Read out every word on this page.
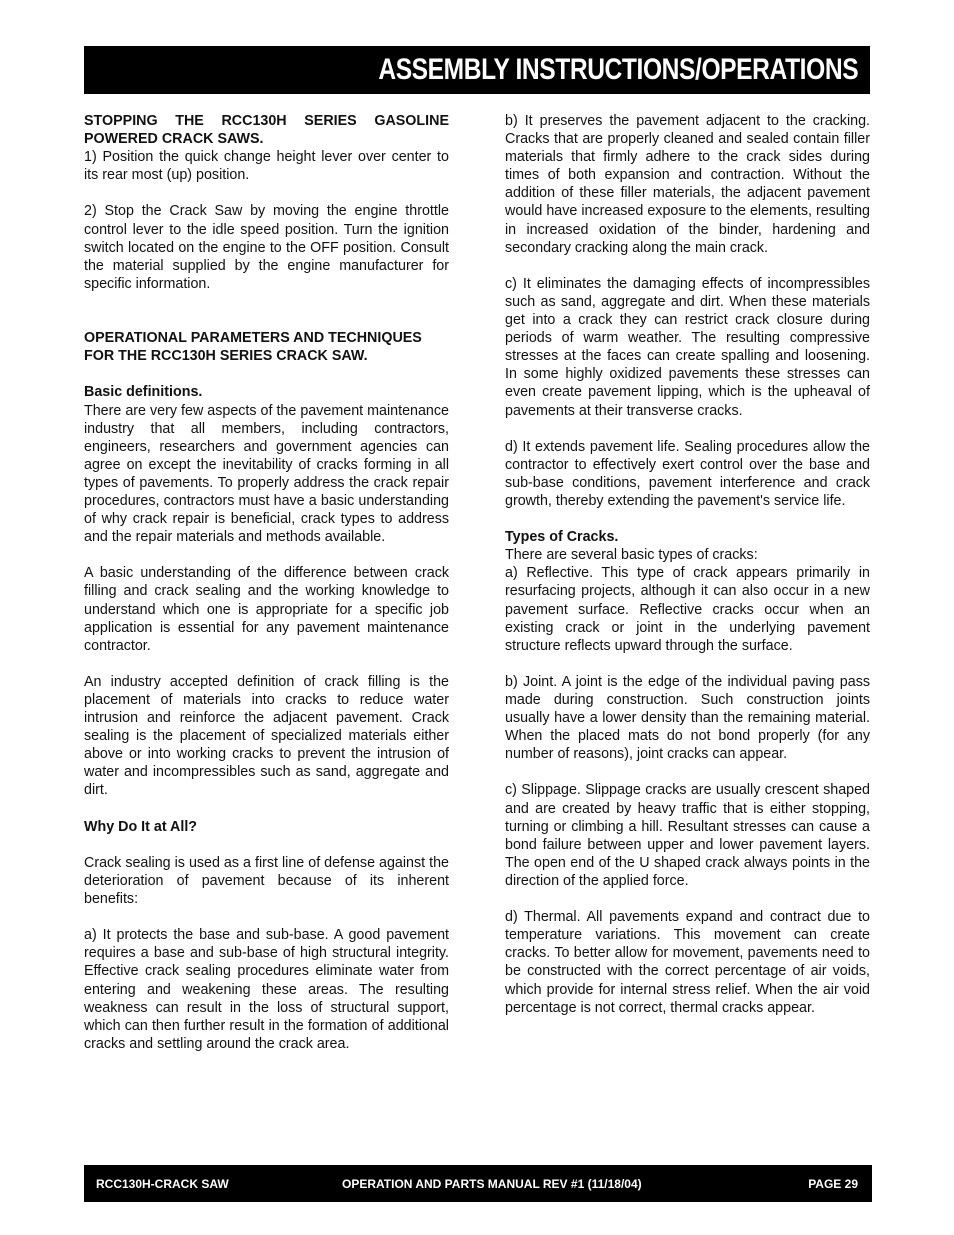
ASSEMBLY INSTRUCTIONS/OPERATIONS

STOPPING THE RCC130H SERIES GASOLINE POWERED CRACK SAWS.

1) Position the quick change height lever over center to its rear most (up) position.

2) Stop the Crack Saw by moving the engine throttle control lever to the idle speed position. Turn the ignition switch located on the engine to the OFF position. Consult the material supplied by the engine manufacturer for specific information.

OPERATIONAL PARAMETERS AND TECHNIQUES FOR THE RCC130H SERIES CRACK SAW.

Basic definitions.

There are very few aspects of the pavement maintenance industry that all members, including contractors, engineers, researchers and government agencies can agree on except the inevitability of cracks forming in all types of pavements. To properly address the crack repair procedures, contractors must have a basic understanding of why crack repair is beneficial, crack types to address and the repair materials and methods available.

A basic understanding of the difference between crack filling and crack sealing and the working knowledge to understand which one is appropriate for a specific job application is essential for any pavement maintenance contractor.

An industry accepted definition of crack filling is the placement of materials into cracks to reduce water intrusion and reinforce the adjacent pavement. Crack sealing is the placement of specialized materials either above or into working cracks to prevent the intrusion of water and incompressibles such as sand, aggregate and dirt.

Why Do It at All?

Crack sealing is used as a first line of defense against the deterioration of pavement because of its inherent benefits:

a) It protects the base and sub-base. A good pavement requires a base and sub-base of high structural integrity. Effective crack sealing procedures eliminate water from entering and weakening these areas. The resulting weakness can result in the loss of structural support, which can then further result in the formation of additional cracks and settling around the crack area.

b) It preserves the pavement adjacent to the cracking. Cracks that are properly cleaned and sealed contain filler materials that firmly adhere to the crack sides during times of both expansion and contraction. Without the addition of these filler materials, the adjacent pavement would have increased exposure to the elements, resulting in increased oxidation of the binder, hardening and secondary cracking along the main crack.

c) It eliminates the damaging effects of incompressibles such as sand, aggregate and dirt. When these materials get into a crack they can restrict crack closure during periods of warm weather. The resulting compressive stresses at the faces can create spalling and loosening. In some highly oxidized pavements these stresses can even create pavement lipping, which is the upheaval of pavements at their transverse cracks.

d) It extends pavement life. Sealing procedures allow the contractor to effectively exert control over the base and sub-base conditions, pavement interference and crack growth, thereby extending the pavement's service life.

Types of Cracks.

There are several basic types of cracks:

a) Reflective. This type of crack appears primarily in resurfacing projects, although it can also occur in a new pavement surface. Reflective cracks occur when an existing crack or joint in the underlying pavement structure reflects upward through the surface.

b) Joint. A joint is the edge of the individual paving pass made during construction. Such construction joints usually have a lower density than the remaining material. When the placed mats do not bond properly (for any number of reasons), joint cracks can appear.

c) Slippage. Slippage cracks are usually crescent shaped and are created by heavy traffic that is either stopping, turning or climbing a hill. Resultant stresses can cause a bond failure between upper and lower pavement layers. The open end of the U shaped crack always points in the direction of the applied force.

d) Thermal. All pavements expand and contract due to temperature variations. This movement can create cracks. To better allow for movement, pavements need to be constructed with the correct percentage of air voids, which provide for internal stress relief. When the air void percentage is not correct, thermal cracks appear.

RCC130H-CRACK SAW	OPERATION AND PARTS MANUAL REV #1 (11/18/04)	PAGE 29
